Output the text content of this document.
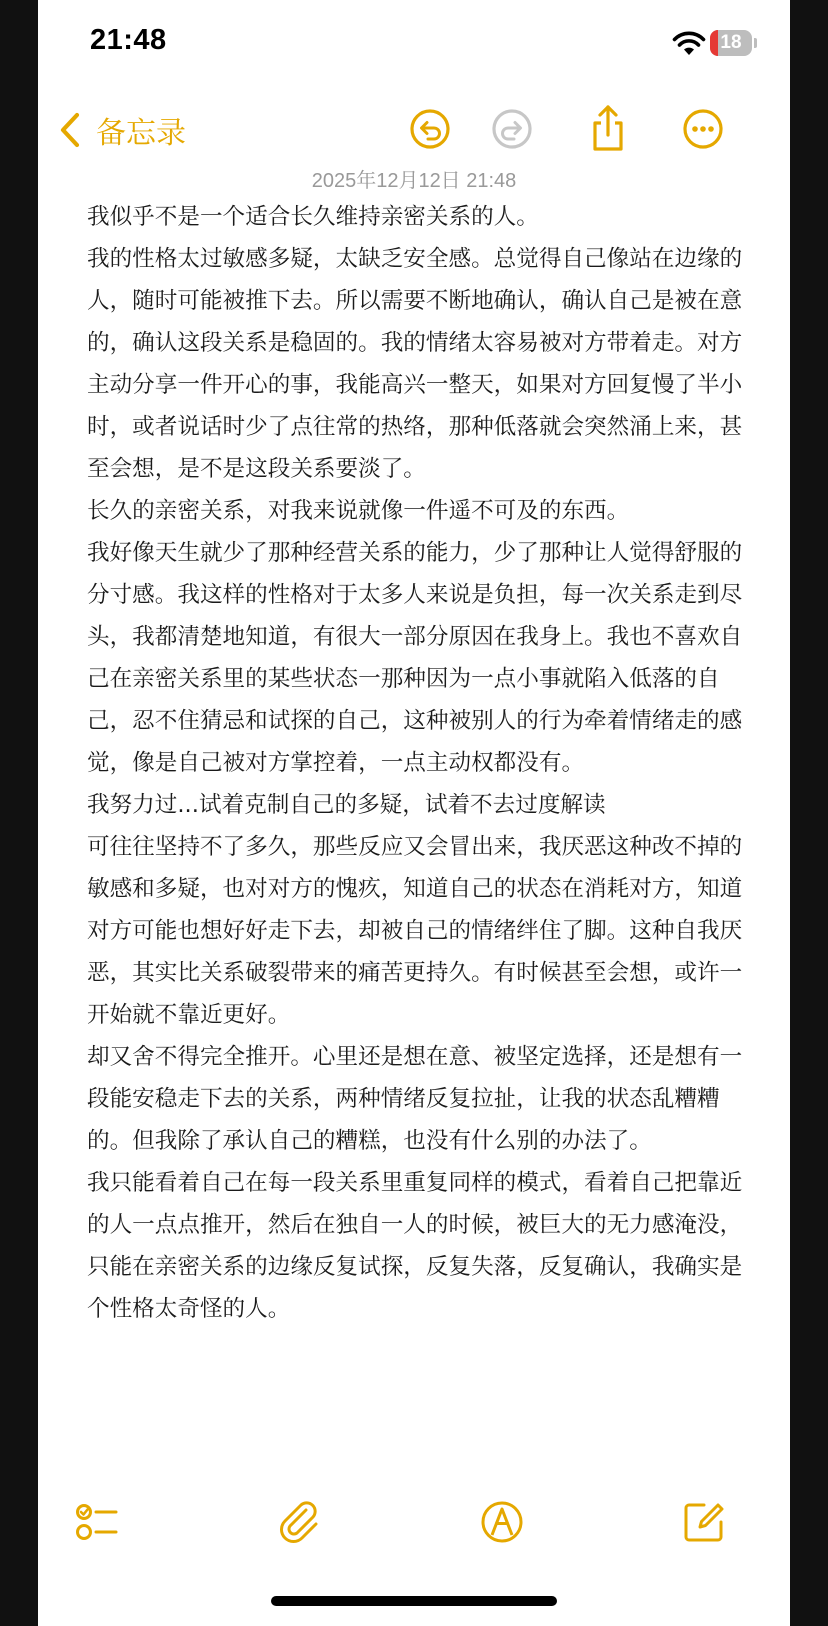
21:48	18
备忘录
2025年12月12日 21:48

我似乎不是一个适合长久维持亲密关系的人。

我的性格太过敏感多疑，太缺乏安全感。总觉得自己像站在边缘的人，随时可能被推下去。所以需要不断地确认，确认自己是被在意的，确认这段关系是稳固的。我的情绪太容易被对方带着走。对方主动分享一件开心的事，我能高兴一整天，如果对方回复慢了半小时，或者说话时少了点往常的热络，那种低落就会突然涌上来，甚至会想，是不是这段关系要淡了。

长久的亲密关系，对我来说就像一件遥不可及的东西。

我好像天生就少了那种经营关系的能力，少了那种让人觉得舒服的分寸感。我这样的性格对于太多人来说是负担，每一次关系走到尽头，我都清楚地知道，有很大一部分原因在我身上。我也不喜欢自己在亲密关系里的某些状态一那种因为一点小事就陷入低落的自己，忍不住猜忌和试探的自己，这种被别人的行为牵着情绪走的感觉，像是自己被对方掌控着，一点主动权都没有。

我努力过...试着克制自己的多疑，试着不去过度解读

可往往坚持不了多久，那些反应又会冒出来，我厌恶这种改不掉的敏感和多疑，也对对方的愧疚，知道自己的状态在消耗对方，知道对方可能也想好好走下去，却被自己的情绪绊住了脚。这种自我厌恶，其实比关系破裂带来的痛苦更持久。有时候甚至会想，或许一开始就不靠近更好。

却又舍不得完全推开。心里还是想在意、被坚定选择，还是想有一段能安稳走下去的关系，两种情绪反复拉扯，让我的状态乱糟糟的。但我除了承认自己的糟糕，也没有什么别的办法了。

我只能看着自己在每一段关系里重复同样的模式，看着自己把靠近的人一点点推开，然后在独自一人的时候，被巨大的无力感淹没，只能在亲密关系的边缘反复试探，反复失落，反复确认，我确实是个性格太奇怪的人。
